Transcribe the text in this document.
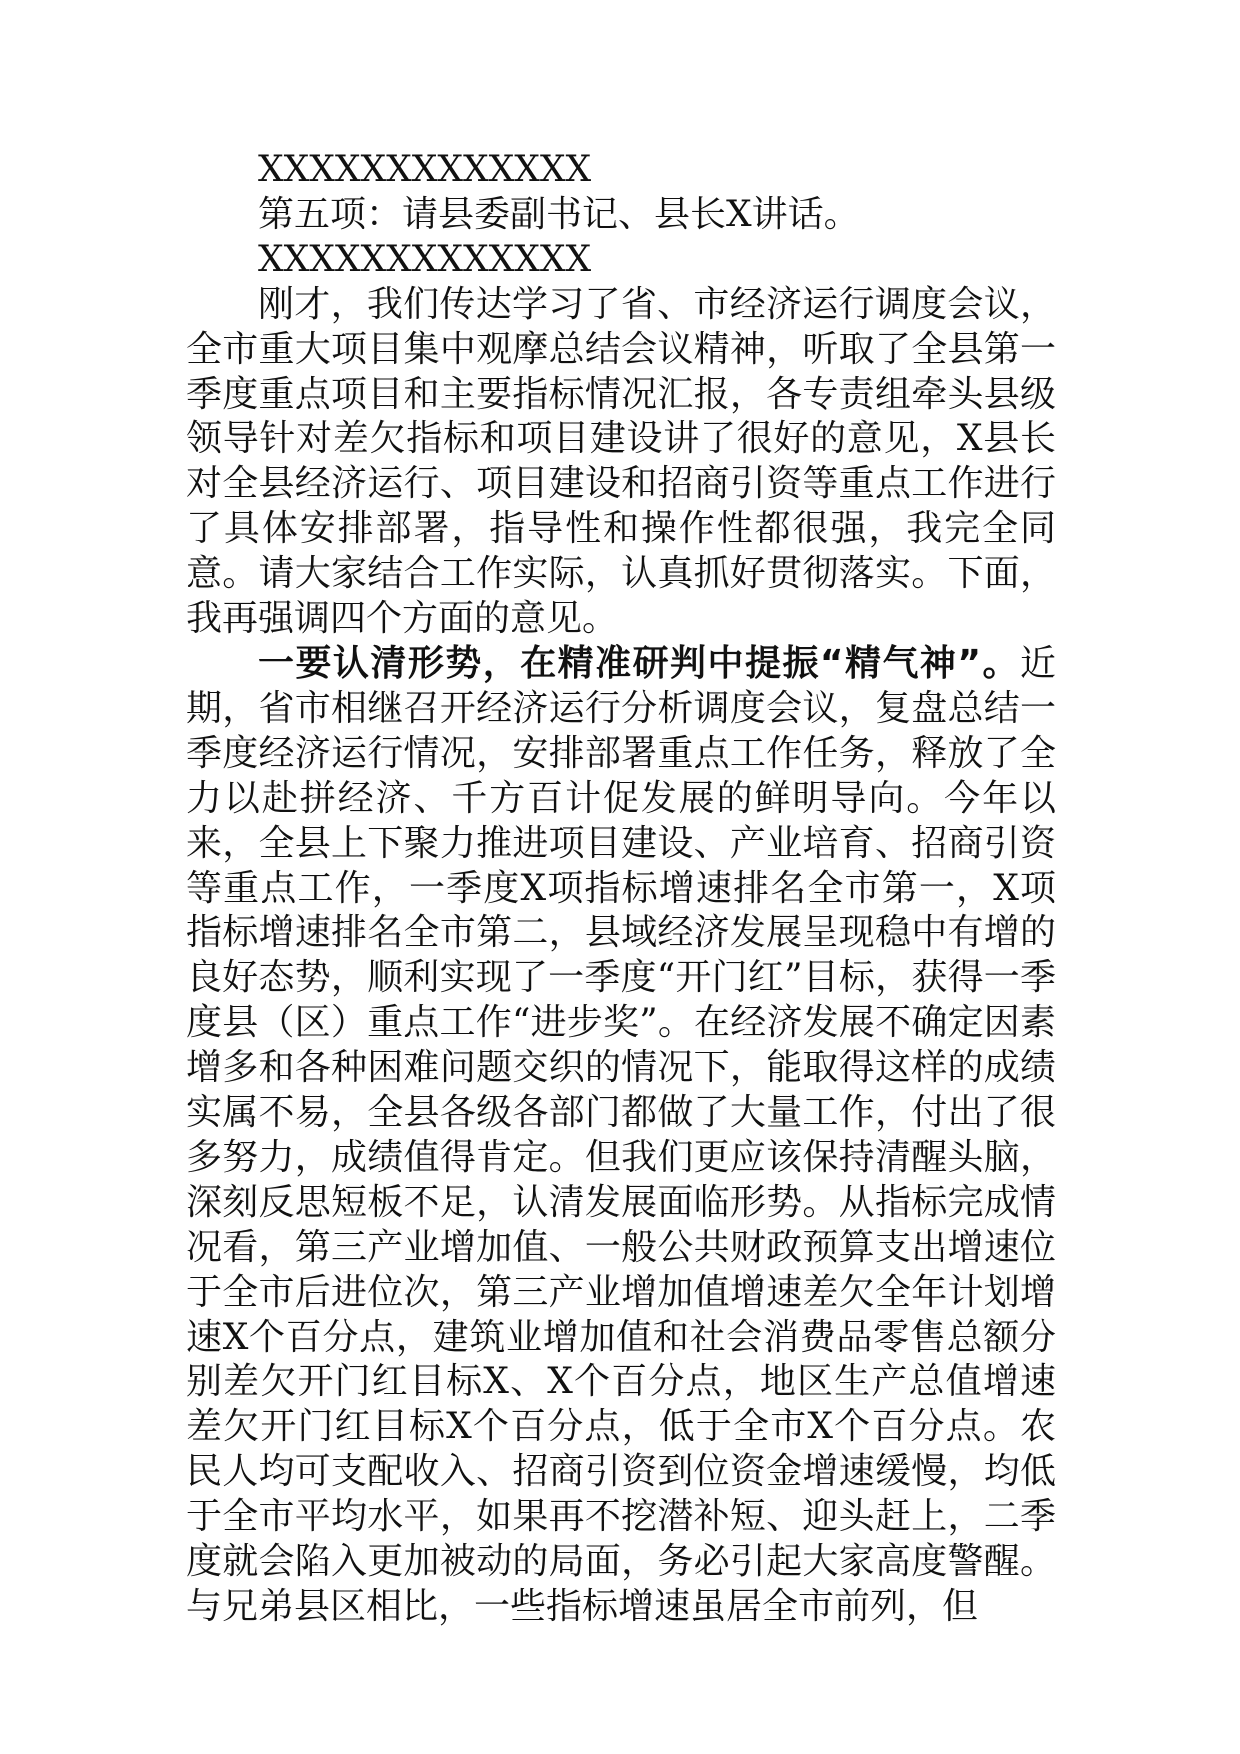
XXXXXXXXXXXXX
第五项：请县委副书记、县长X讲话。
XXXXXXXXXXXXX

刚才，我们传达学习了省、市经济运行调度会议，全市重大项目集中观摩总结会议精神，听取了全县第一季度重点项目和主要指标情况汇报，各专责组牵头县级领导针对差欠指标和项目建设讲了很好的意见，X县长对全县经济运行、项目建设和招商引资等重点工作进行了具体安排部署，指导性和操作性都很强，我完全同意。请大家结合工作实际，认真抓好贯彻落实。下面，我再强调四个方面的意见。

一要认清形势，在精准研判中提振“精气神”。近期，省市相继召开经济运行分析调度会议，复盘总结一季度经济运行情况，安排部署重点工作任务，释放了全力以赴拼经济、千方百计促发展的鲜明导向。今年以来，全县上下聚力推进项目建设、产业培育、招商引资等重点工作，一季度X项指标增速排名全市第一，X项指标增速排名全市第二，县域经济发展呈现稳中有增的良好态势，顺利实现了一季度“开门红”目标，获得一季度县（区）重点工作“进步奖”。在经济发展不确定因素增多和各种困难问题交织的情况下，能取得这样的成绩实属不易，全县各级各部门都做了大量工作，付出了很多努力，成绩值得肯定。但我们更应该保持清醒头脑，深刻反思短板不足，认清发展面临形势。从指标完成情况看，第三产业增加值、一般公共财政预算支出增速位于全市后进位次，第三产业增加值增速差欠全年计划增速X个百分点，建筑业增加值和社会消费品零售总额分别差欠开门红目标X、X个百分点，地区生产总值增速差欠开门红目标X个百分点，低于全市X个百分点。农民人均可支配收入、招商引资到位资金增速缓慢，均低于全市平均水平，如果再不挖潜补短、迎头赶上，二季度就会陷入更加被动的局面，务必引起大家高度警醒。与兄弟县区相比，一些指标增速虽居全市前列，但
